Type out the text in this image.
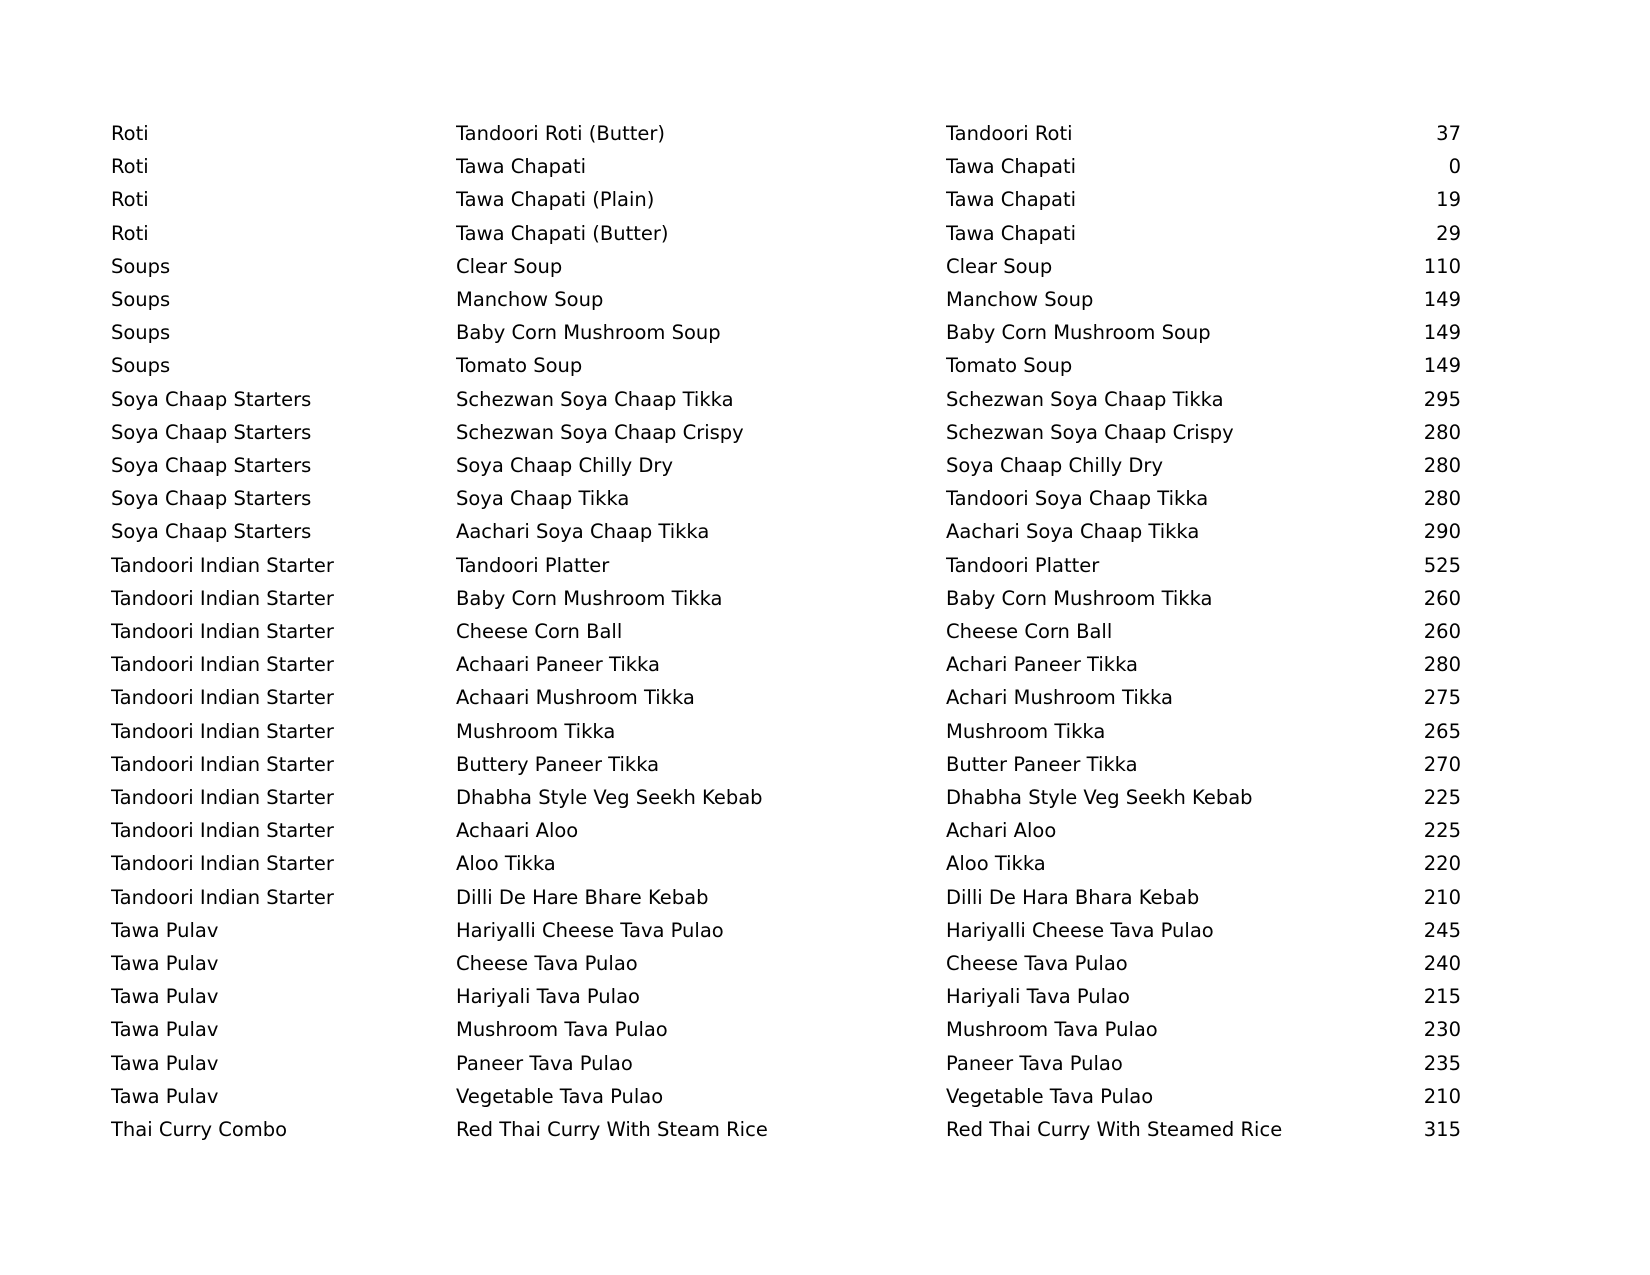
Roti	Tandoori Roti (Butter)	Tandoori Roti	37
Roti	Tawa Chapati	Tawa Chapati	0
Roti	Tawa Chapati (Plain)	Tawa Chapati	19
Roti	Tawa Chapati (Butter)	Tawa Chapati	29
Soups	Clear Soup	Clear Soup	110
Soups	Manchow Soup	Manchow Soup	149
Soups	Baby Corn Mushroom Soup	Baby Corn Mushroom Soup	149
Soups	Tomato Soup	Tomato Soup	149
Soya Chaap Starters	Schezwan Soya Chaap Tikka	Schezwan Soya Chaap Tikka	295
Soya Chaap Starters	Schezwan Soya Chaap Crispy	Schezwan Soya Chaap Crispy	280
Soya Chaap Starters	Soya Chaap Chilly Dry	Soya Chaap Chilly Dry	280
Soya Chaap Starters	Soya Chaap Tikka	Tandoori Soya Chaap Tikka	280
Soya Chaap Starters	Aachari Soya Chaap Tikka	Aachari Soya Chaap Tikka	290
Tandoori Indian Starter	Tandoori Platter	Tandoori Platter	525
Tandoori Indian Starter	Baby Corn Mushroom Tikka	Baby Corn Mushroom Tikka	260
Tandoori Indian Starter	Cheese Corn Ball	Cheese Corn Ball	260
Tandoori Indian Starter	Achaari Paneer Tikka	Achari Paneer Tikka	280
Tandoori Indian Starter	Achaari Mushroom Tikka	Achari Mushroom Tikka	275
Tandoori Indian Starter	Mushroom Tikka	Mushroom Tikka	265
Tandoori Indian Starter	Buttery Paneer Tikka	Butter Paneer Tikka	270
Tandoori Indian Starter	Dhabha Style Veg Seekh Kebab	Dhabha Style Veg Seekh Kebab	225
Tandoori Indian Starter	Achaari Aloo	Achari Aloo	225
Tandoori Indian Starter	Aloo Tikka	Aloo Tikka	220
Tandoori Indian Starter	Dilli De Hare Bhare Kebab	Dilli De Hara Bhara Kebab	210
Tawa Pulav	Hariyalli Cheese Tava Pulao	Hariyalli Cheese Tava Pulao	245
Tawa Pulav	Cheese Tava Pulao	Cheese Tava Pulao	240
Tawa Pulav	Hariyali Tava Pulao	Hariyali Tava Pulao	215
Tawa Pulav	Mushroom Tava Pulao	Mushroom Tava Pulao	230
Tawa Pulav	Paneer Tava Pulao	Paneer Tava Pulao	235
Tawa Pulav	Vegetable Tava Pulao	Vegetable Tava Pulao	210
Thai Curry Combo	Red Thai Curry With Steam Rice	Red Thai Curry With Steamed Rice	315
